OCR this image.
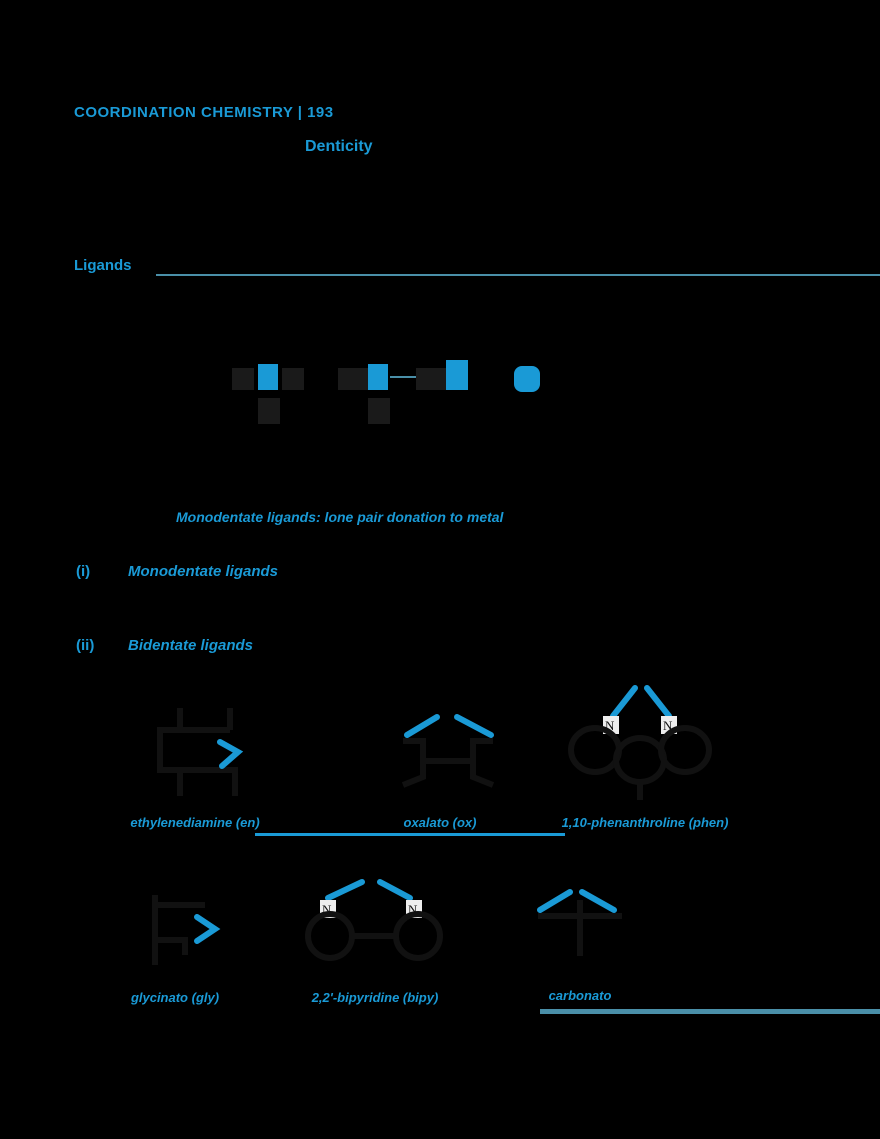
COORDINATION CHEMISTRY | 193
Denticity
Ligands
Monodentate ligands: lone pair donation to metal
(i)	Monodentate ligands
(ii) Bidentate ligands
N	N
ethylenediamine (en)	oxalato (ox)	1,10-phenanthroline (phen)
N	N
glycinato (gly)	2,2'-bipyridine (bipy)	carbonato
